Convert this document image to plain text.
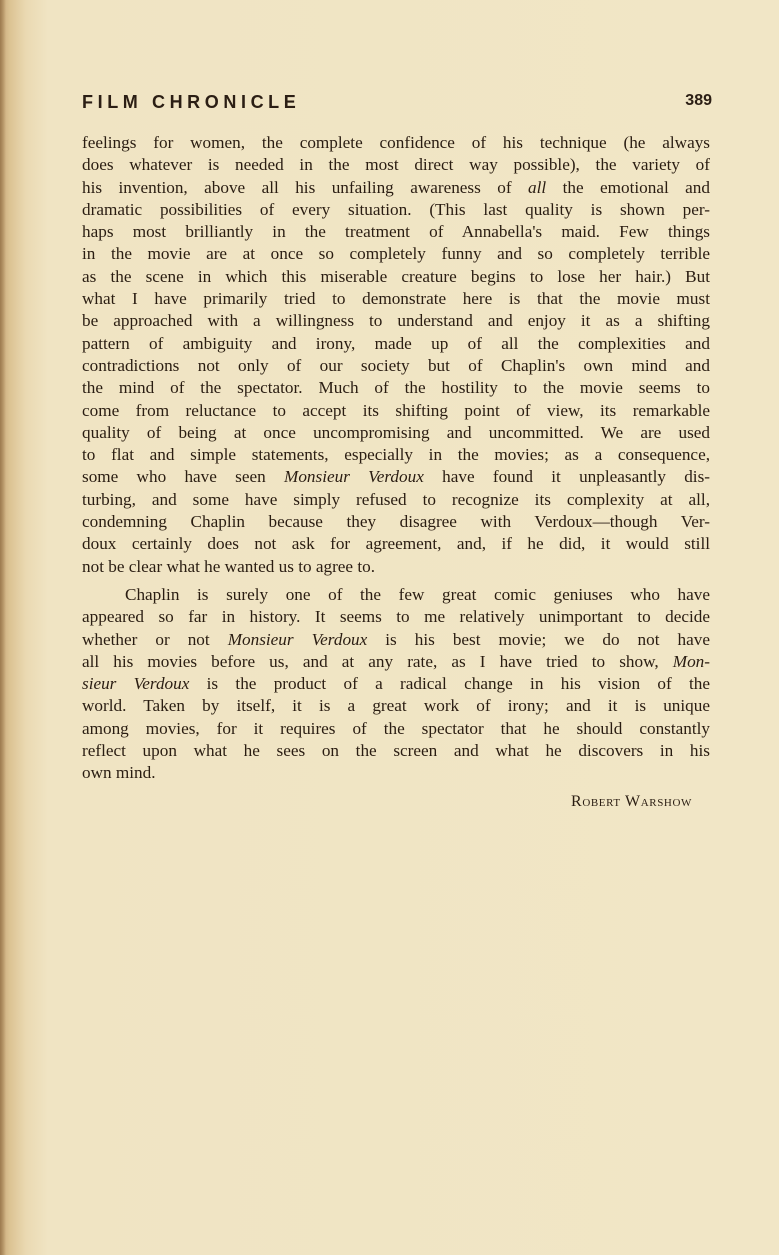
FILM CHRONICLE	389
feelings for women, the complete confidence of his technique (he always
does whatever is needed in the most direct way possible), the variety of
his invention, above all his unfailing awareness of all the emotional and
dramatic possibilities of every situation. (This last quality is shown per-
haps most brilliantly in the treatment of Annabella's maid. Few things
in the movie are at once so completely funny and so completely terrible
as the scene in which this miserable creature begins to lose her hair.) But
what I have primarily tried to demonstrate here is that the movie must
be approached with a willingness to understand and enjoy it as a shifting
pattern of ambiguity and irony, made up of all the complexities and
contradictions not only of our society but of Chaplin's own mind and
the mind of the spectator. Much of the hostility to the movie seems to
come from reluctance to accept its shifting point of view, its remarkable
quality of being at once uncompromising and uncommitted. We are used
to flat and simple statements, especially in the movies; as a consequence,
some who have seen Monsieur Verdoux have found it unpleasantly dis-
turbing, and some have simply refused to recognize its complexity at all,
condemning Chaplin because they disagree with Verdoux—though Ver-
doux certainly does not ask for agreement, and, if he did, it would still
not be clear what he wanted us to agree to.
Chaplin is surely one of the few great comic geniuses who have
appeared so far in history. It seems to me relatively unimportant to decide
whether or not Monsieur Verdoux is his best movie; we do not have
all his movies before us, and at any rate, as I have tried to show, Mon-
sieur Verdoux is the product of a radical change in his vision of the
world. Taken by itself, it is a great work of irony; and it is unique
among movies, for it requires of the spectator that he should constantly
reflect upon what he sees on the screen and what he discovers in his
own mind.
Robert Warshow
